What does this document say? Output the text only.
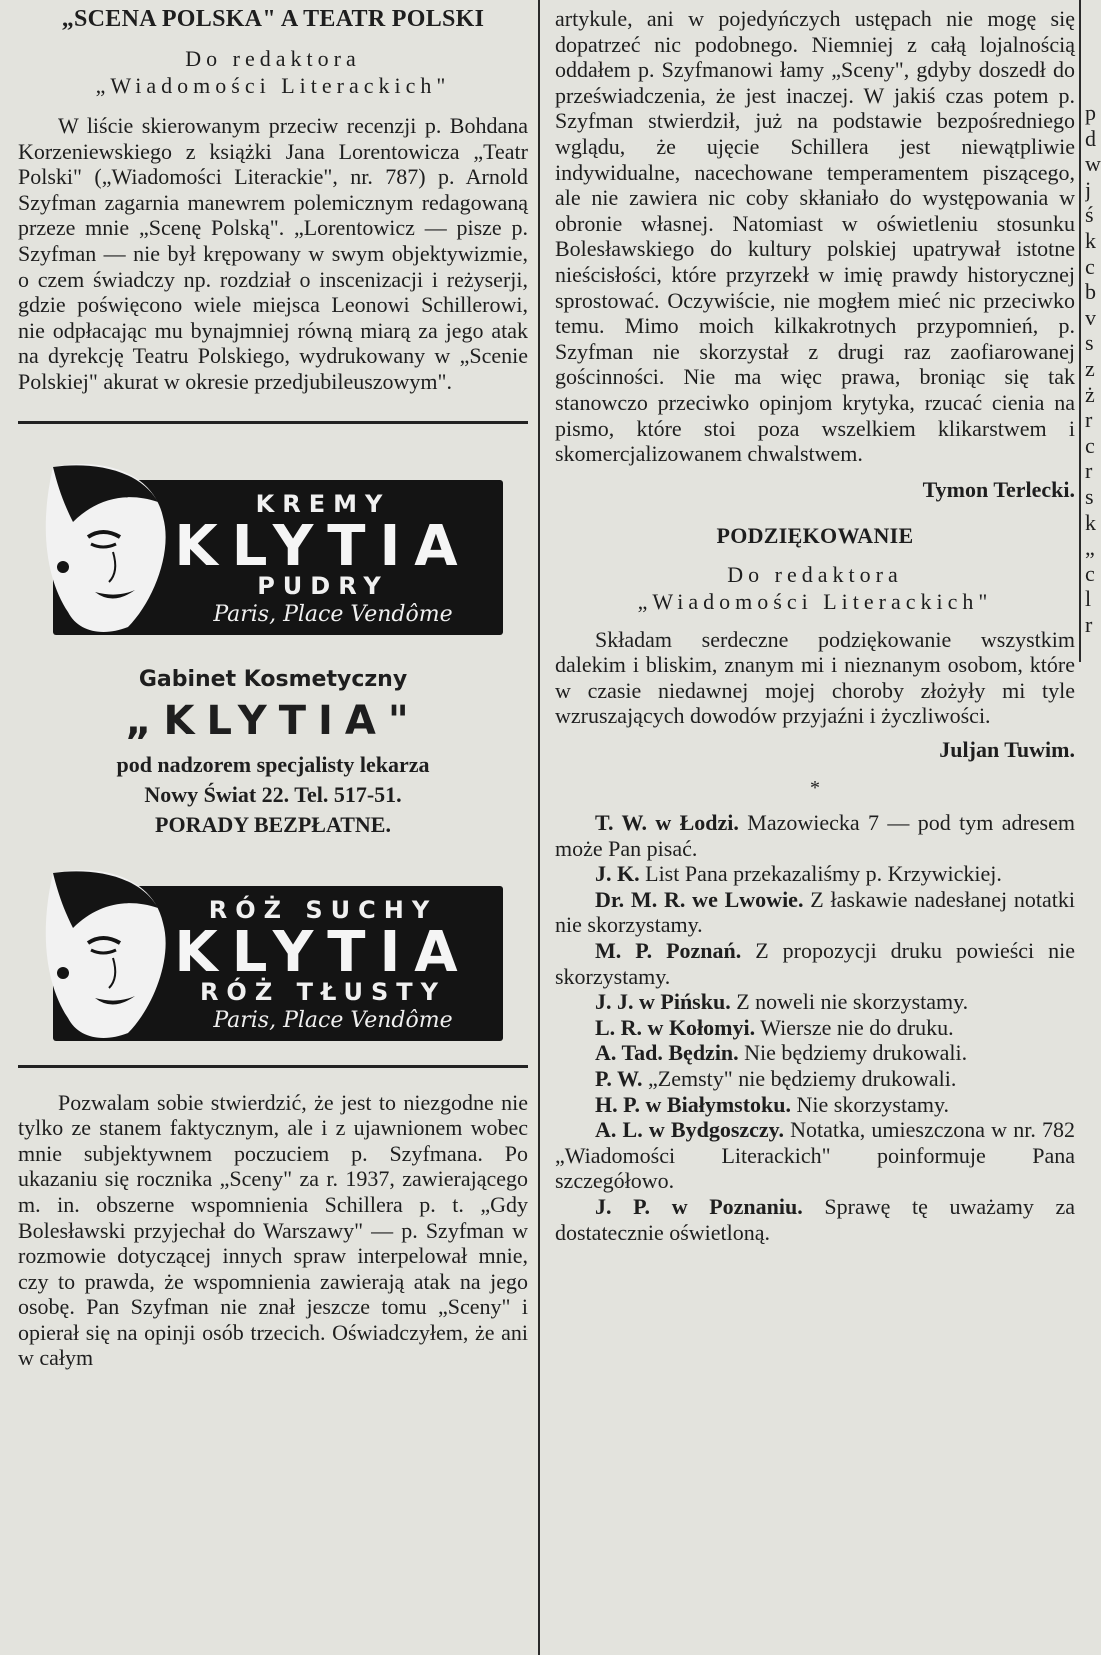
„SCENA POLSKA" A TEATR POLSKI

Do redaktora

„Wiadomości Literackich"

W liście skierowanym przeciw recenzji p. Bohdana Korzeniewskiego z książki Jana Lorentowicza „Teatr Polski" („Wiadomości Literackie", nr. 787) p. Arnold Szyfman zagarnia manewrem polemicznym redagowaną przeze mnie „Scenę Polską". „Lorentowicz — pisze p. Szyfman — nie był krępowany w swym objektywizmie, o czem świadczy np. rozdział o inscenizacji i reżyserji, gdzie poświęcono wiele miejsca Leonowi Schillerowi, nie odpłacając mu bynajmniej równą miarą za jego atak na dyrekcję Teatru Polskiego, wydrukowany w „Scenie Polskiej" akurat w okresie przedjubileuszowym".

KREMY
KLYTIA
PUDRY
Paris, Place Vendôme

Gabinet Kosmetyczny

„KLYTIA"

pod nadzorem specjalisty lekarza

Nowy Świat 22. Tel. 517-51.

PORADY BEZPŁATNE.

RÓŻ SUCHY
KLYTIA
RÓŻ TŁUSTY
Paris, Place Vendôme

Pozwalam sobie stwierdzić, że jest to niezgodne nie tylko ze stanem faktycznym, ale i z ujawnionem wobec mnie subjektywnem poczuciem p. Szyfmana. Po ukazaniu się rocznika „Sceny" za r. 1937, zawierającego m. in. obszerne wspomnienia Schillera p. t. „Gdy Bolesławski przyjechał do Warszawy" — p. Szyfman w rozmowie dotyczącej innych spraw interpelował mnie, czy to prawda, że wspomnienia zawierają atak na jego osobę. Pan Szyfman nie znał jeszcze tomu „Sceny" i opierał się na opinji osób trzecich. Oświadczyłem, że ani w całym

artykule, ani w pojedyńczych ustępach nie mogę się dopatrzeć nic podobnego. Niemniej z całą lojalnością oddałem p. Szyfmanowi łamy „Sceny", gdyby doszedł do przeświadczenia, że jest inaczej. W jakiś czas potem p. Szyfman stwierdził, już na podstawie bezpośredniego wglądu, że ujęcie Schillera jest niewątpliwie indywidualne, nacechowane temperamentem piszącego, ale nie zawiera nic coby skłaniało do występowania w obronie własnej. Natomiast w oświetleniu stosunku Bolesławskiego do kultury polskiej upatrywał istotne nieścisłości, które przyrzekł w imię prawdy historycznej sprostować. Oczywiście, nie mogłem mieć nic przeciwko temu. Mimo moich kilkakrotnych przypomnień, p. Szyfman nie skorzystał z drugi raz zaofiarowanej gościnności. Nie ma więc prawa, broniąc się tak stanowczo przeciwko opinjom krytyka, rzucać cienia na pismo, które stoi poza wszelkiem klikarstwem i skomercjalizowanem chwalstwem.

Tymon Terlecki.

PODZIĘKOWANIE

Do redaktora

„Wiadomości Literackich"

Składam serdeczne podziękowanie wszystkim dalekim i bliskim, znanym mi i nieznanym osobom, które w czasie niedawnej mojej choroby złożyły mi tyle wzruszających dowodów przyjaźni i życzliwości.

Juljan Tuwim.

*

T. W. w Łodzi. Mazowiecka 7 — pod tym adresem może Pan pisać.

J. K. List Pana przekazaliśmy p. Krzywickiej.

Dr. M. R. we Lwowie. Z łaskawie nadesłanej notatki nie skorzystamy.

M. P. Poznań. Z propozycji druku powieści nie skorzystamy.

J. J. w Pińsku. Z noweli nie skorzystamy.

L. R. w Kołomyi. Wiersze nie do druku.

A. Tad. Będzin. Nie będziemy drukowali.

P. W. „Zemsty" nie będziemy drukowali.

H. P. w Białymstoku. Nie skorzystamy.

A. L. w Bydgoszczy. Notatka, umieszczona w nr. 782 „Wiadomości Literackich" poinformuje Pana szczegółowo.

J. P. w Poznaniu. Sprawę tę uważamy za dostatecznie oświetloną.

p
d
w
j
ś
k
c
b
v
s
z
ż
r
c
r
s
k
„
c
l
r
